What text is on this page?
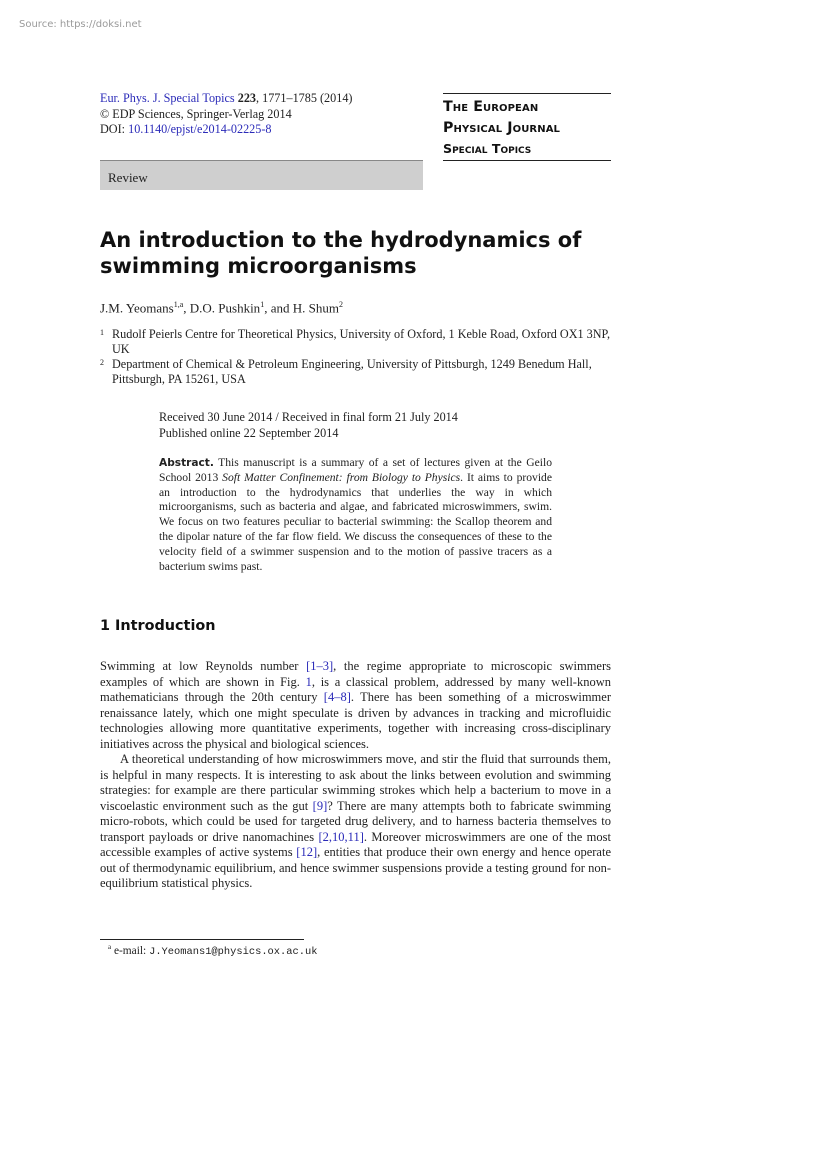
Source: https://doksi.net
Eur. Phys. J. Special Topics 223, 1771–1785 (2014)
© EDP Sciences, Springer-Verlag 2014
DOI: 10.1140/epjst/e2014-02225-8
The European
Physical Journal
Special Topics
Review
An introduction to the hydrodynamics of swimming microorganisms
J.M. Yeomans$^{1,a}$, D.O. Pushkin$^1$, and H. Shum$^2$
1 Rudolf Peierls Centre for Theoretical Physics, University of Oxford, 1 Keble Road, Oxford OX1 3NP, UK
2 Department of Chemical & Petroleum Engineering, University of Pittsburgh, 1249 Benedum Hall, Pittsburgh, PA 15261, USA
Received 30 June 2014 / Received in final form 21 July 2014
Published online 22 September 2014
Abstract. This manuscript is a summary of a set of lectures given at the Geilo School 2013 Soft Matter Confinement: from Biology to Physics. It aims to provide an introduction to the hydrodynamics that underlies the way in which microorganisms, such as bacteria and algae, and fabricated microswimmers, swim. We focus on two features peculiar to bacterial swimming: the Scallop theorem and the dipolar nature of the far flow field. We discuss the consequences of these to the velocity field of a swimmer suspension and to the motion of passive tracers as a bacterium swims past.
1 Introduction

Swimming at low Reynolds number [1–3], the regime appropriate to microscopic swimmers examples of which are shown in Fig. 1, is a classical problem, addressed by many well-known mathematicians through the 20th century [4–8]. There has been something of a microswimmer renaissance lately, which one might speculate is driven by advances in tracking and microfluidic technologies allowing more quantitative experiments, together with increasing cross-disciplinary initiatives across the physical and biological sciences.

A theoretical understanding of how microswimmers move, and stir the fluid that surrounds them, is helpful in many respects. It is interesting to ask about the links between evolution and swimming strategies: for example are there particular swimming strokes which help a bacterium to move in a viscoelastic environment such as the gut [9]? There are many attempts both to fabricate swimming micro-robots, which could be used for targeted drug delivery, and to harness bacteria themselves to transport payloads or drive nanomachines [2,10,11]. Moreover microswimmers are one of the most accessible examples of active systems [12], entities that produce their own energy and hence operate out of thermodynamic equilibrium, and hence swimmer suspensions provide a testing ground for non-equilibrium statistical physics.

$^a$ e-mail: J.Yeomans1@physics.ox.ac.uk
